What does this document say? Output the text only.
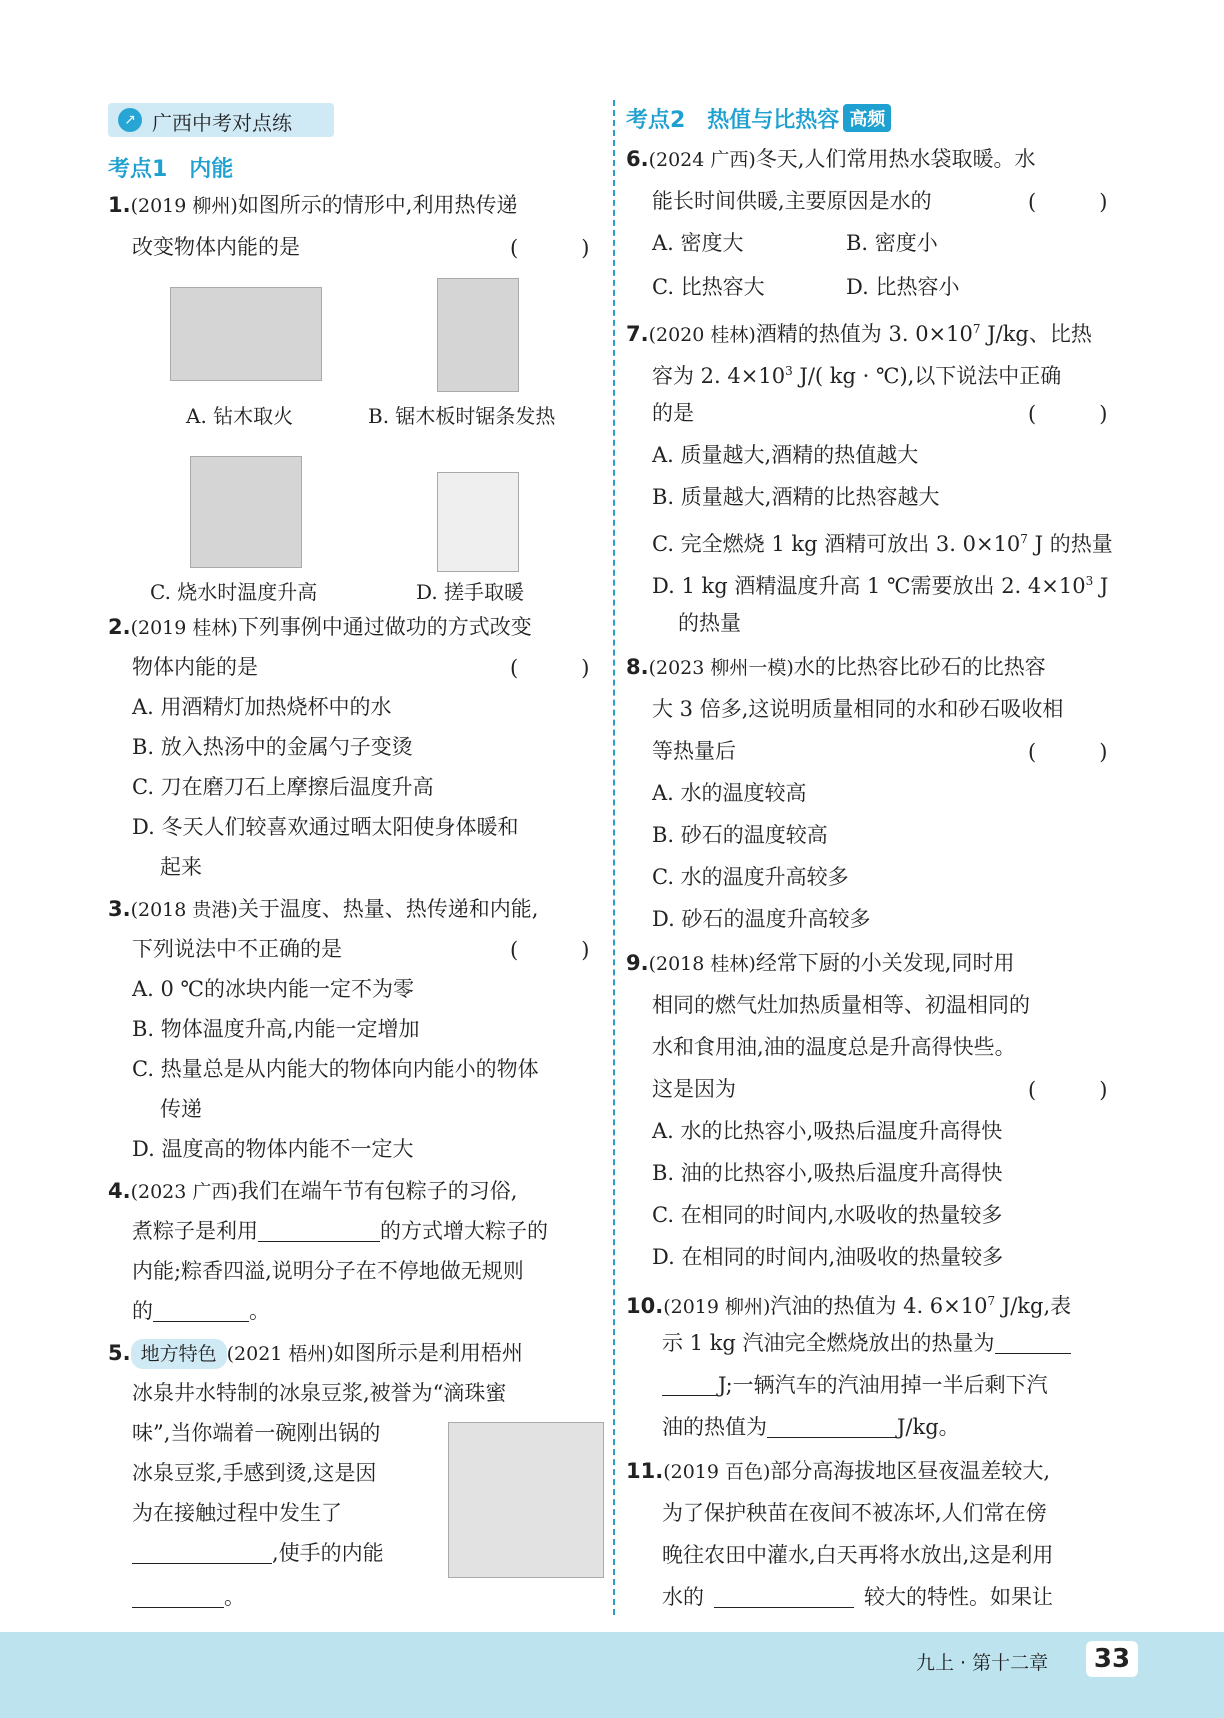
↗ 广西中考对点练
考点1　内能
1.(2019 柳州)如图所示的情形中,利用热传递
改变物体内能的是	(　　　)
A. 钻木取火	B. 锯木板时锯条发热
C. 烧水时温度升高	D. 搓手取暖
2.(2019 桂林)下列事例中通过做功的方式改变
物体内能的是	(　　　)
A. 用酒精灯加热烧杯中的水
B. 放入热汤中的金属勺子变烫
C. 刀在磨刀石上摩擦后温度升高
D. 冬天人们较喜欢通过晒太阳使身体暖和
起来
3.(2018 贵港)关于温度、热量、热传递和内能,
下列说法中不正确的是	(　　　)
A. 0 ℃的冰块内能一定不为零
B. 物体温度升高,内能一定增加
C. 热量总是从内能大的物体向内能小的物体
传递
D. 温度高的物体内能不一定大
4.(2023 广西)我们在端午节有包粽子的习俗,
煮粽子是利用	的方式增大粽子的
内能;粽香四溢,说明分子在不停地做无规则
的	。
5. 地方特色 (2021 梧州)如图所示是利用梧州
冰泉井水特制的冰泉豆浆,被誉为“滴珠蜜
味”,当你端着一碗刚出锅的
冰泉豆浆,手感到烫,这是因
为在接触过程中发生了
,使手的内能
。
考点2　热值与比热容 高频
6.(2024 广西)冬天,人们常用热水袋取暖。水
能长时间供暖,主要原因是水的	(　　　)
A. 密度大	B. 密度小
C. 比热容大	D. 比热容小
7.(2020 桂林)酒精的热值为 3. $0\times 10^7$ J/kg、比热
容为 2. $4\times 10^3$ J/( kg · ℃),以下说法中正确
的是	(　　　)
A. 质量越大,酒精的热值越大
B. 质量越大,酒精的比热容越大
C. 完全燃烧 1 kg 酒精可放出 3. $0\times 10^7$ J 的热量
D. 1 kg 酒精温度升高 1 ℃需要放出 2. $4\times 10^3$ J
的热量
8.(2023 柳州一模)水的比热容比砂石的比热容
大 3 倍多,这说明质量相同的水和砂石吸收相
等热量后	(　　　)
A. 水的温度较高
B. 砂石的温度较高
C. 水的温度升高较多
D. 砂石的温度升高较多
9.(2018 桂林)经常下厨的小关发现,同时用
相同的燃气灶加热质量相等、初温相同的
水和食用油,油的温度总是升高得快些。
这是因为	(　　　)
A. 水的比热容小,吸热后温度升高得快
B. 油的比热容小,吸热后温度升高得快
C. 在相同的时间内,水吸收的热量较多
D. 在相同的时间内,油吸收的热量较多
10.(2019 柳州)汽油的热值为 4. $6\times 10^7$ J/kg,表
示 1 kg 汽油完全燃烧放出的热量为
J;一辆汽车的汽油用掉一半后剩下汽
油的热值为	J/kg。
11.(2019 百色)部分高海拔地区昼夜温差较大,
为了保护秧苗在夜间不被冻坏,人们常在傍
晚往农田中灌水,白天再将水放出,这是利用
水的	较大的特性。如果让
九上 · 第十二章	33
